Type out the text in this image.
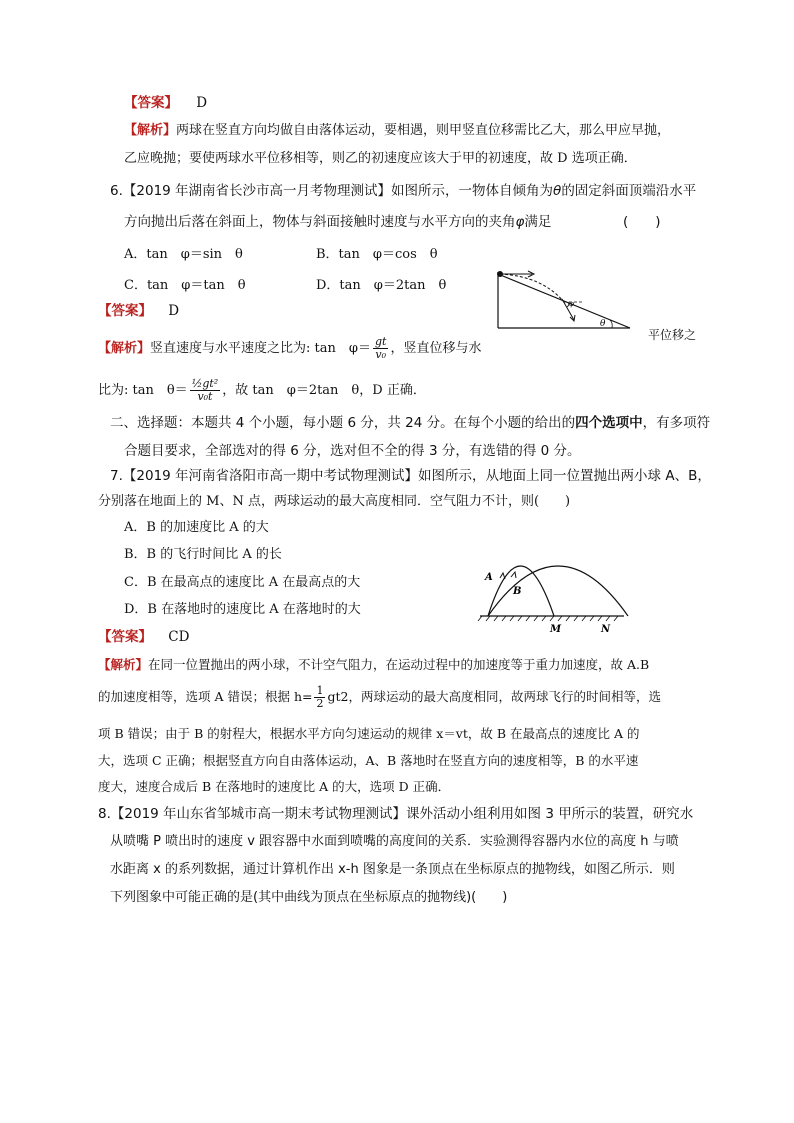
【答案】 D
【解析】两球在竖直方向均做自由落体运动，要相遇，则甲竖直位移需比乙大，那么甲应早抛，
乙应晚抛；要使两球水平位移相等，则乙的初速度应该大于甲的初速度，故 D 选项正确．
6.【2019 年湖南省长沙市高一月考物理测试】如图所示，一物体自倾角为θ的固定斜面顶端沿水平
方向抛出后落在斜面上，物体与斜面接触时速度与水平方向的夹角φ满足	(　　)
A．tan　φ＝sin　θ	B．tan　φ＝cos　θ
C．tan　φ＝tan　θ	D．tan　φ＝2tan　θ
【答案】 D
【解析】竖直速度与水平速度之比为: tan　$\varphi= \frac{gt}{\text{v₀}}$ ，竖直位移与水
比为: tan　$\theta= \frac{\text{½gt²}}{\text{v₀t}}$ ，故 tan　φ＝2tan　θ，D 正确．
平位移之
φ
θ
二、选择题：本题共 4 个小题，每小题 6 分，共 24 分。在每个小题的给出的四个选项中，有多项符
合题目要求，全部选对的得 6 分，选对但不全的得 3 分，有选错的得 0 分。
7.【2019 年河南省洛阳市高一期中考试物理测试】如图所示，从地面上同一位置抛出两小球 A、B，
分别落在地面上的 M、N 点，两球运动的最大高度相同．空气阻力不计，则(　　)
A．B 的加速度比 A 的大
B．B 的飞行时间比 A 的长
C．B 在最高点的速度比 A 在最高点的大
D．B 在落地时的速度比 A 在落地时的大
A
B
M	N
【答案】 CD
【解析】在同一位置抛出的两小球，不计空气阻力，在运动过程中的加速度等于重力加速度，故 A.B
的加速度相等，选项 A 错误；根据 $h= \frac{1}{2} gt2$，两球运动的最大高度相同，故两球飞行的时间相等，选
项 B 错误；由于 B 的射程大，根据水平方向匀速运动的规律 x＝vt，故 B 在最高点的速度比 A 的
大，选项 C 正确；根据竖直方向自由落体运动，A、B 落地时在竖直方向的速度相等，B 的水平速
度大，速度合成后 B 在落地时的速度比 A 的大，选项 D 正确．
8.【2019 年山东省邹城市高一期末考试物理测试】课外活动小组利用如图 3 甲所示的装置，研究水
从喷嘴 P 喷出时的速度 v 跟容器中水面到喷嘴的高度间的关系．实验测得容器内水位的高度 h 与喷
水距离 x 的系列数据，通过计算机作出 x-h 图象是一条顶点在坐标原点的抛物线，如图乙所示．则
下列图象中可能正确的是(其中曲线为顶点在坐标原点的抛物线)(　　)
